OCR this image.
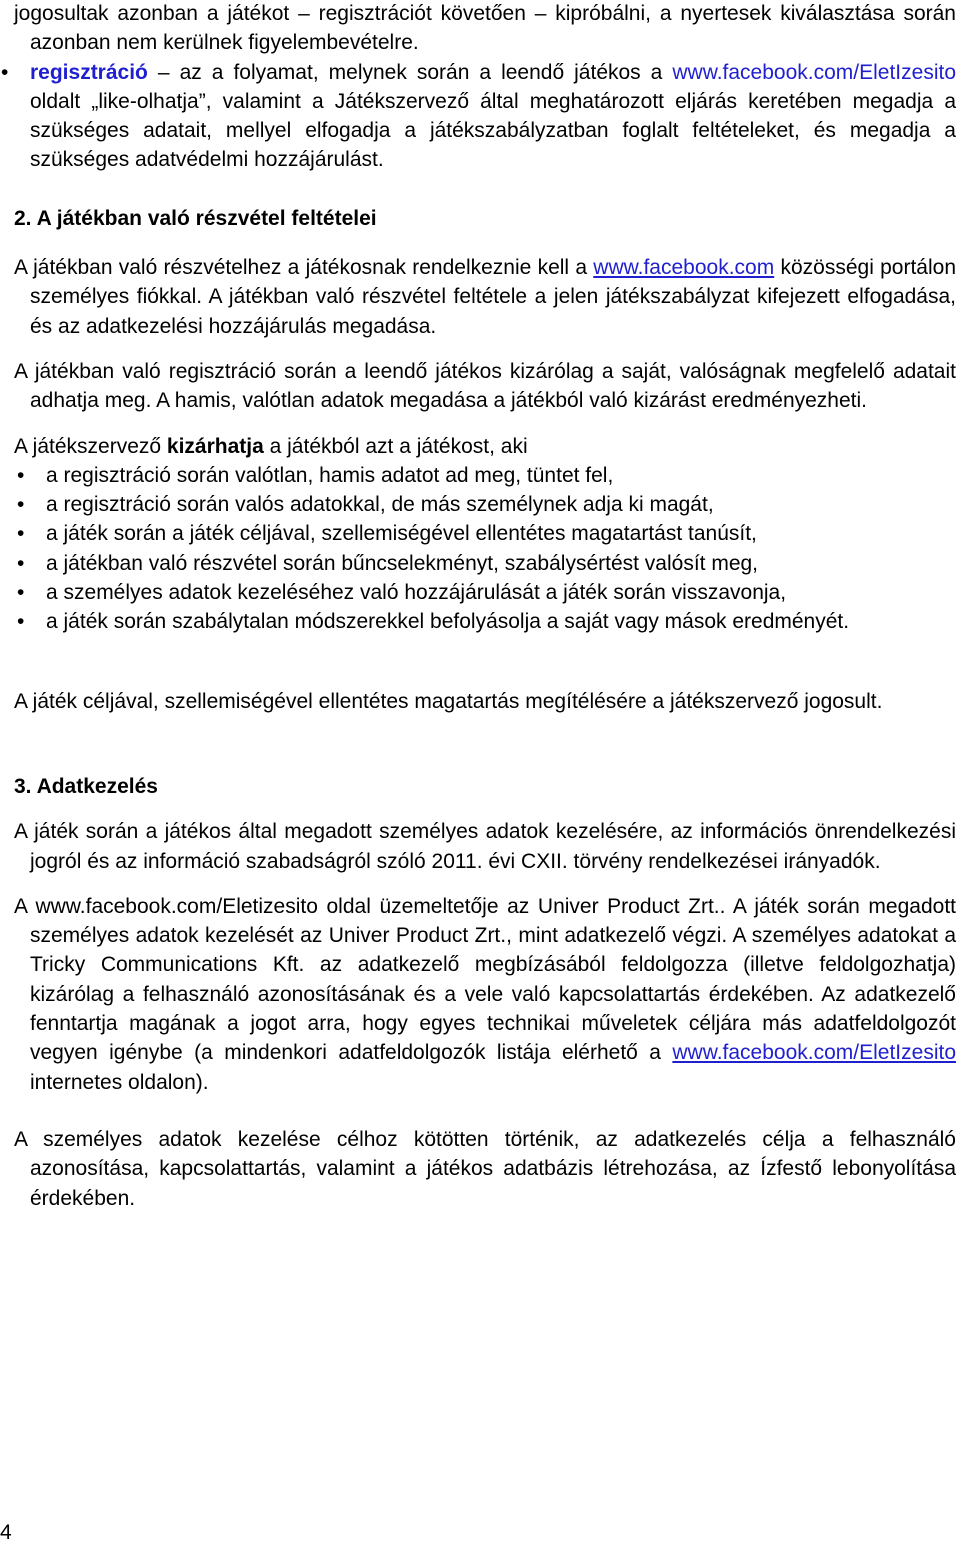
jogosultak azonban a játékot – regisztrációt követően – kipróbálni, a nyertesek kiválasztása során azonban nem kerülnek figyelembevételre.

• regisztráció – az a folyamat, melynek során a leendő játékos a www.facebook.com/EletIzesito oldalt „like-olhatja”, valamint a Játékszervező által meghatározott eljárás keretében megadja a szükséges adatait, mellyel elfogadja a játékszabályzatban foglalt feltételeket, és megadja a szükséges adatvédelmi hozzájárulást.

2. A játékban való részvétel feltételei

A játékban való részvételhez a játékosnak rendelkeznie kell a www.facebook.com közösségi portálon személyes fiókkal. A játékban való részvétel feltétele a jelen játékszabályzat kifejezett elfogadása, és az adatkezelési hozzájárulás megadása.

A játékban való regisztráció során a leendő játékos kizárólag a saját, valóságnak megfelelő adatait adhatja meg. A hamis, valótlan adatok megadása a játékból való kizárást eredményezheti.

A játékszervező kizárhatja a játékból azt a játékost, aki

• a regisztráció során valótlan, hamis adatot ad meg, tüntet fel,
• a regisztráció során valós adatokkal, de más személynek adja ki magát,
• a játék során a játék céljával, szellemiségével ellentétes magatartást tanúsít,
• a játékban való részvétel során bűncselekményt, szabálysértést valósít meg,
• a személyes adatok kezeléséhez való hozzájárulását a játék során visszavonja,
• a játék során szabálytalan módszerekkel befolyásolja a saját vagy mások eredményét.

A játék céljával, szellemiségével ellentétes magatartás megítélésére a játékszervező jogosult.

3. Adatkezelés

A játék során a játékos által megadott személyes adatok kezelésére, az információs önrendelkezési jogról és az információ szabadságról szóló 2011. évi CXII. törvény rendelkezései irányadók.

A www.facebook.com/Eletizesito oldal üzemeltetője az Univer Product Zrt.. A játék során megadott személyes adatok kezelését az Univer Product Zrt., mint adatkezelő végzi. A személyes adatokat a Tricky Communications Kft. az adatkezelő megbízásából feldolgozza (illetve feldolgozhatja) kizárólag a felhasználó azonosításának és a vele való kapcsolattartás érdekében. Az adatkezelő fenntartja magának a jogot arra, hogy egyes technikai műveletek céljára más adatfeldolgozót vegyen igénybe (a mindenkori adatfeldolgozók listája elérhető a www.facebook.com/EletIzesito internetes oldalon).

A személyes adatok kezelése célhoz kötötten történik, az adatkezelés célja a felhasználó azonosítása, kapcsolattartás, valamint a játékos adatbázis létrehozása, az Ízfestő lebonyolítása érdekében.

4
